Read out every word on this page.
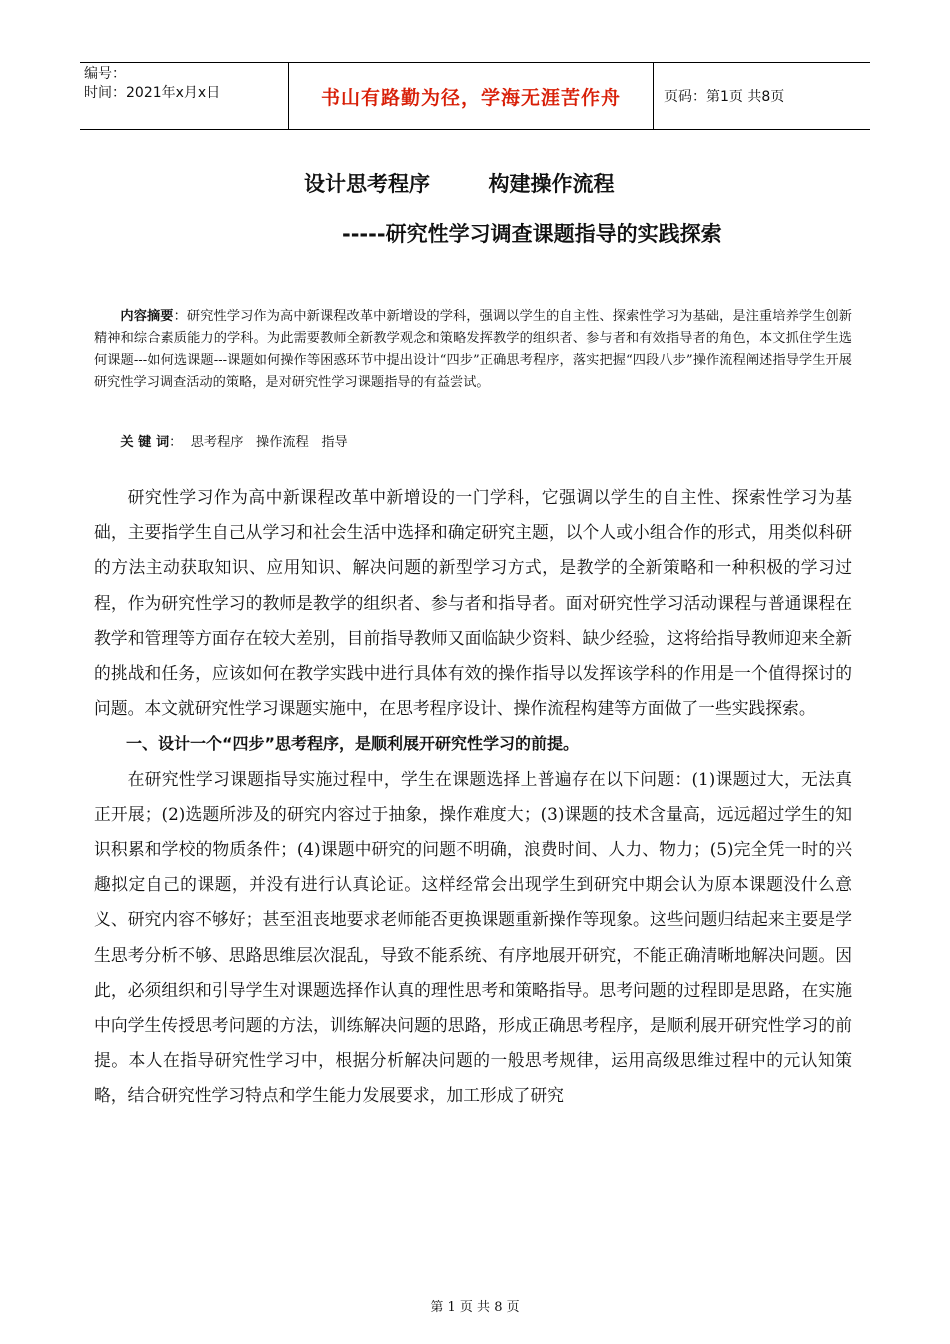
编号：
时间：2021年x月x日	书山有路勤为径，学海无涯苦作舟	页码：第1页 共8页
设计思考程序        构建操作流程
-----研究性学习调查课题指导的实践探索
内容摘要：研究性学习作为高中新课程改革中新增设的学科，强调以学生的自主性、探索性学习为基础，是注重培养学生创新精神和综合素质能力的学科。为此需要教师全新教学观念和策略发挥教学的组织者、参与者和有效指导者的角色，本文抓住学生选何课题---如何选课题---课题如何操作等困惑环节中提出设计“四步”正确思考程序，落实把握“四段八步”操作流程阐述指导学生开展研究性学习调查活动的策略，是对研究性学习课题指导的有益尝试。
关 键 词：  思考程序   操作流程   指导

研究性学习作为高中新课程改革中新增设的一门学科，它强调以学生的自主性、探索性学习为基础，主要指学生自己从学习和社会生活中选择和确定研究主题，以个人或小组合作的形式，用类似科研的方法主动获取知识、应用知识、解决问题的新型学习方式，是教学的全新策略和一种积极的学习过程，作为研究性学习的教师是教学的组织者、参与者和指导者。面对研究性学习活动课程与普通课程在教学和管理等方面存在较大差别，目前指导教师又面临缺少资料、缺少经验，这将给指导教师迎来全新的挑战和任务，应该如何在教学实践中进行具体有效的操作指导以发挥该学科的作用是一个值得探讨的问题。本文就研究性学习课题实施中，在思考程序设计、操作流程构建等方面做了一些实践探索。

一、设计一个“四步”思考程序，是顺利展开研究性学习的前提。

在研究性学习课题指导实施过程中，学生在课题选择上普遍存在以下问题：(1)课题过大，无法真正开展；(2)选题所涉及的研究内容过于抽象，操作难度大；(3)课题的技术含量高，远远超过学生的知识积累和学校的物质条件；(4)课题中研究的问题不明确，浪费时间、人力、物力；(5)完全凭一时的兴趣拟定自己的课题，并没有进行认真论证。这样经常会出现学生到研究中期会认为原本课题没什么意义、研究内容不够好；甚至沮丧地要求老师能否更换课题重新操作等现象。这些问题归结起来主要是学生思考分析不够、思路思维层次混乱，导致不能系统、有序地展开研究，不能正确清晰地解决问题。因此，必须组织和引导学生对课题选择作认真的理性思考和策略指导。思考问题的过程即是思路，在实施中向学生传授思考问题的方法，训练解决问题的思路，形成正确思考程序，是顺利展开研究性学习的前提。本人在指导研究性学习中，根据分析解决问题的一般思考规律，运用高级思维过程中的元认知策略，结合研究性学习特点和学生能力发展要求，加工形成了研究

第 1 页 共 8 页
